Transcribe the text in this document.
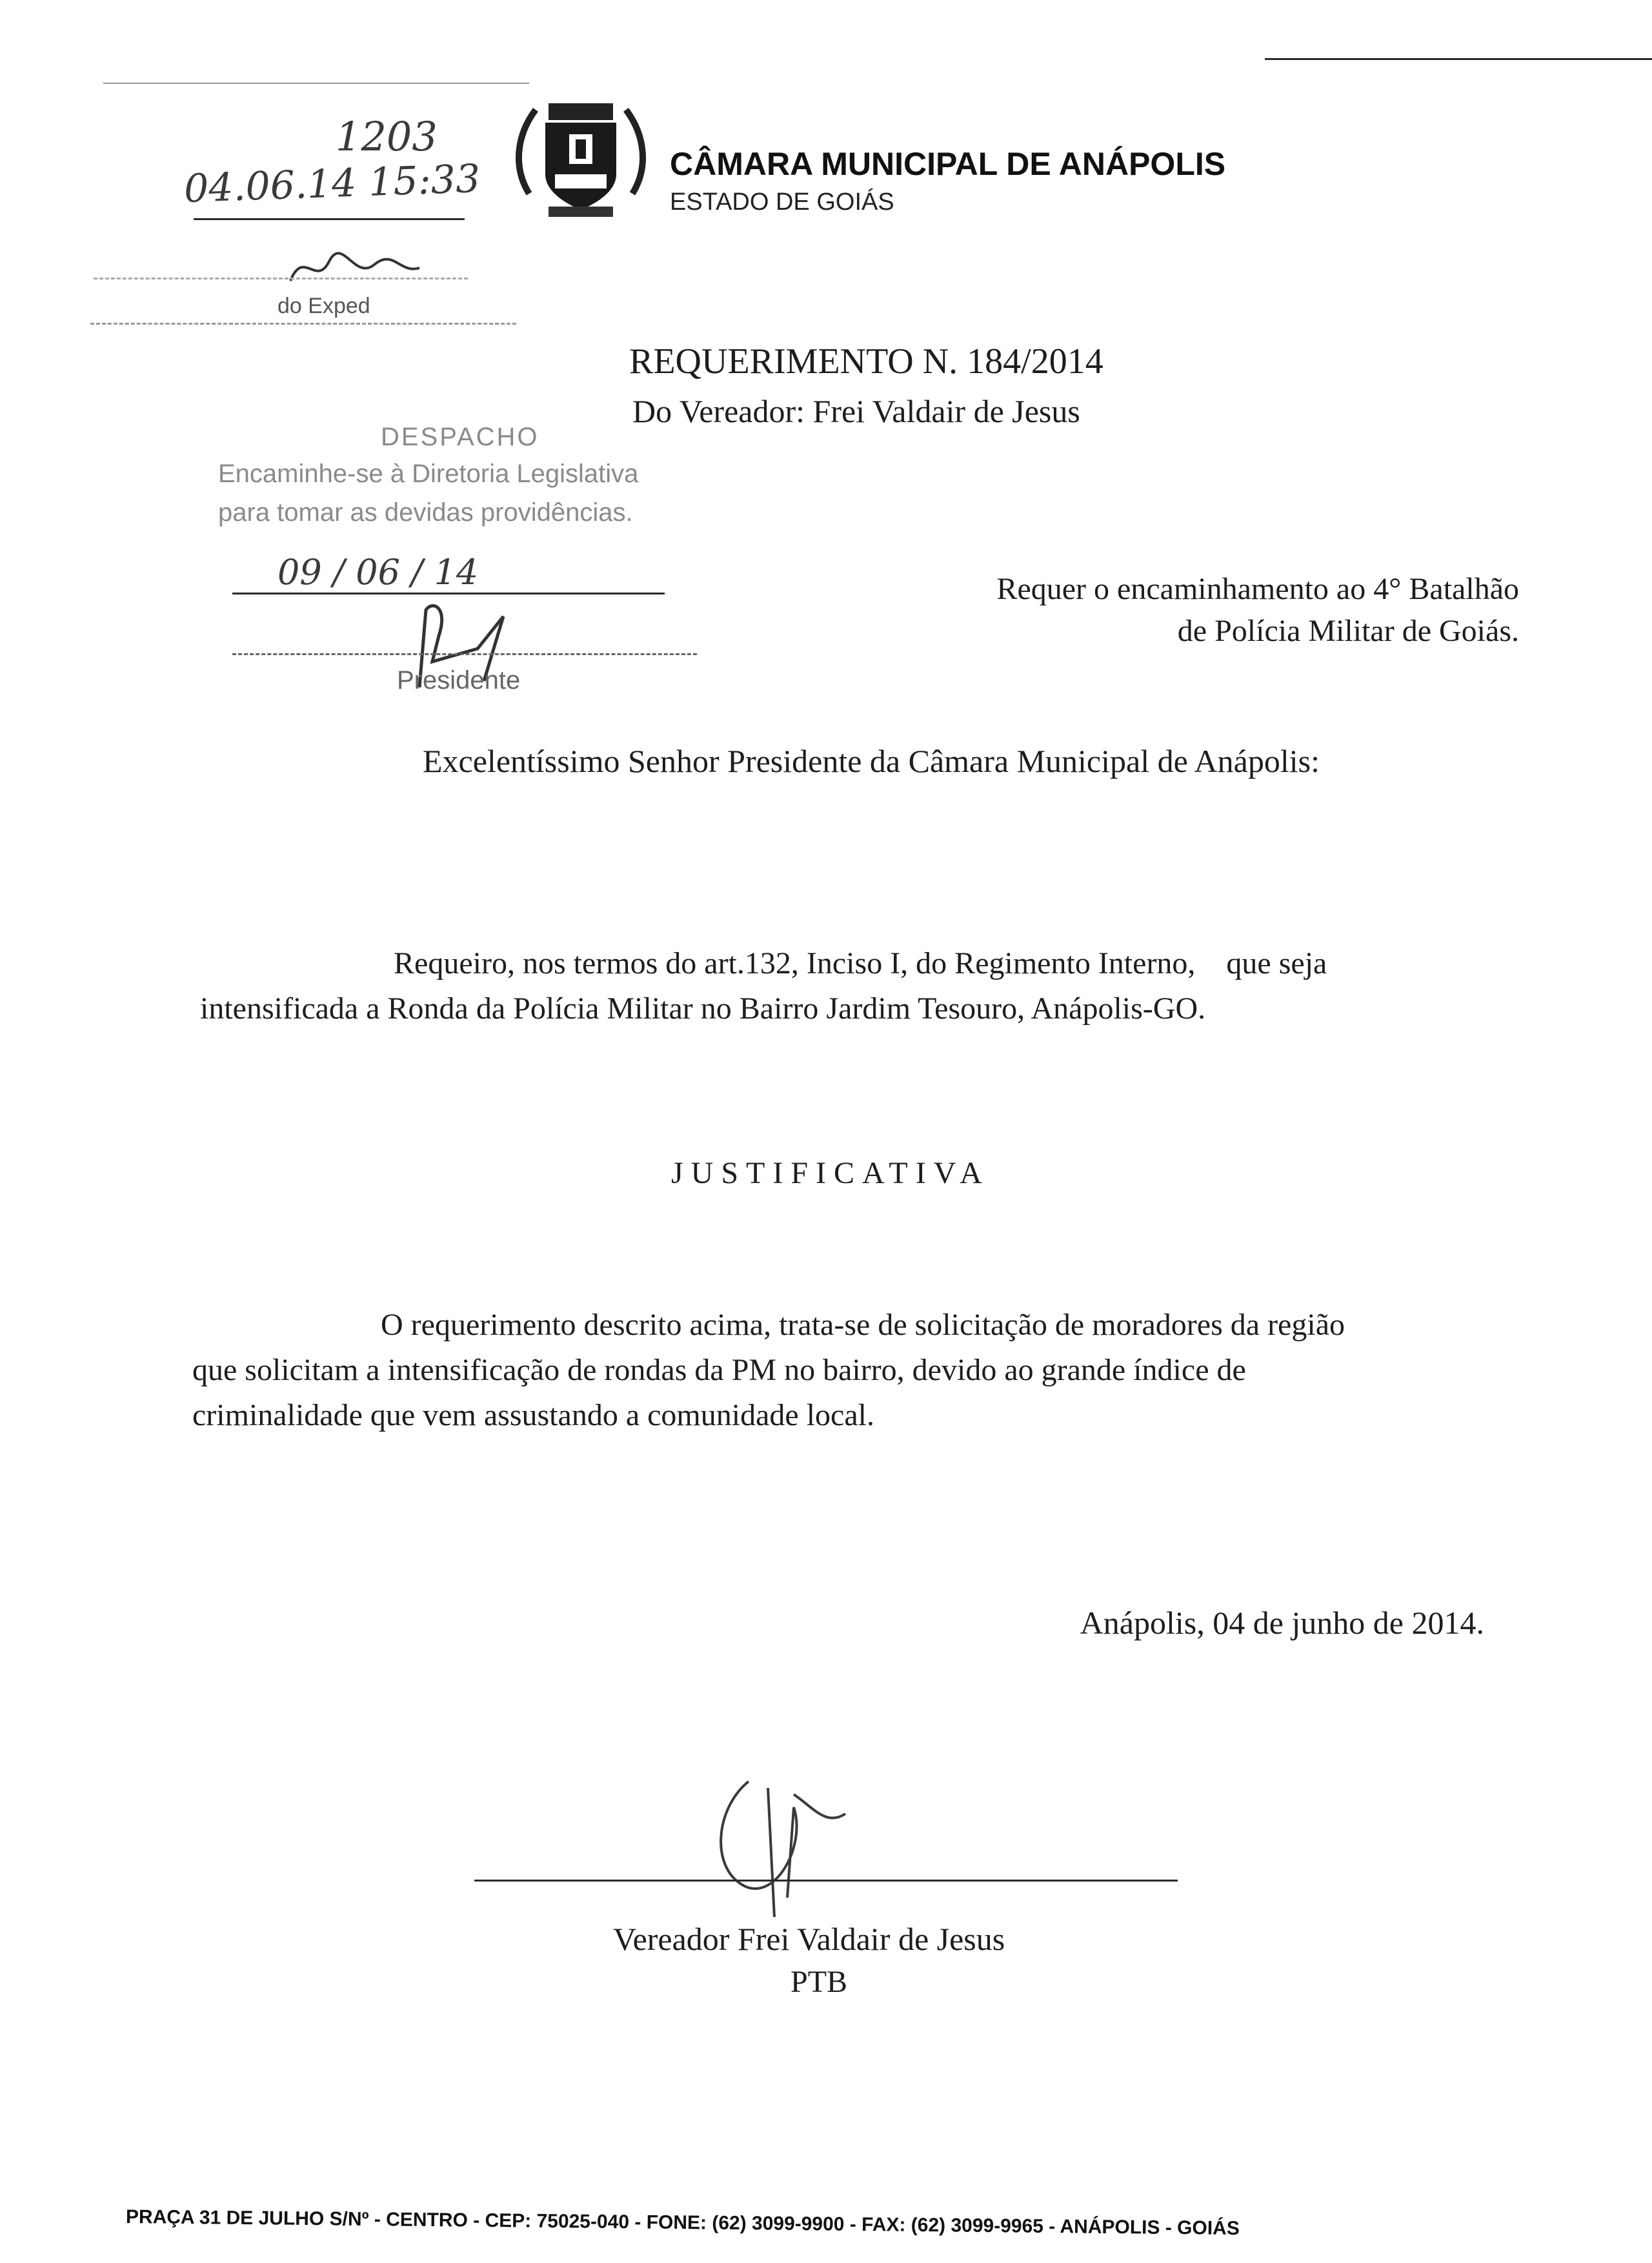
1203
04.06.14 15:33
do Exped
CÂMARA MUNICIPAL DE ANÁPOLIS
ESTADO DE GOIÁS
REQUERIMENTO N. 184/2014
Do Vereador: Frei Valdair de Jesus
DESPACHO
Encaminhe-se à Diretoria Legislativa
para tomar as devidas providências.
09 / 06 / 14
Presidente
Requer o encaminhamento ao 4° Batalhão
de Polícia Militar de Goiás.
Excelentíssimo Senhor Presidente da Câmara Municipal de Anápolis:
Requeiro, nos termos do art.132, Inciso I, do Regimento Interno,    que seja
intensificada a Ronda da Polícia Militar no Bairro Jardim Tesouro, Anápolis-GO.
JUSTIFICATIVA
O requerimento descrito acima, trata-se de solicitação de moradores da região
que solicitam a intensificação de rondas da PM no bairro, devido ao grande índice de
criminalidade que vem assustando a comunidade local.
Anápolis, 04 de junho de 2014.
Vereador Frei Valdair de Jesus
PTB
PRAÇA 31 DE JULHO S/Nº - CENTRO - CEP: 75025-040 - FONE: (62) 3099-9900 - FAX: (62) 3099-9965 - ANÁPOLIS - GOIÁS
